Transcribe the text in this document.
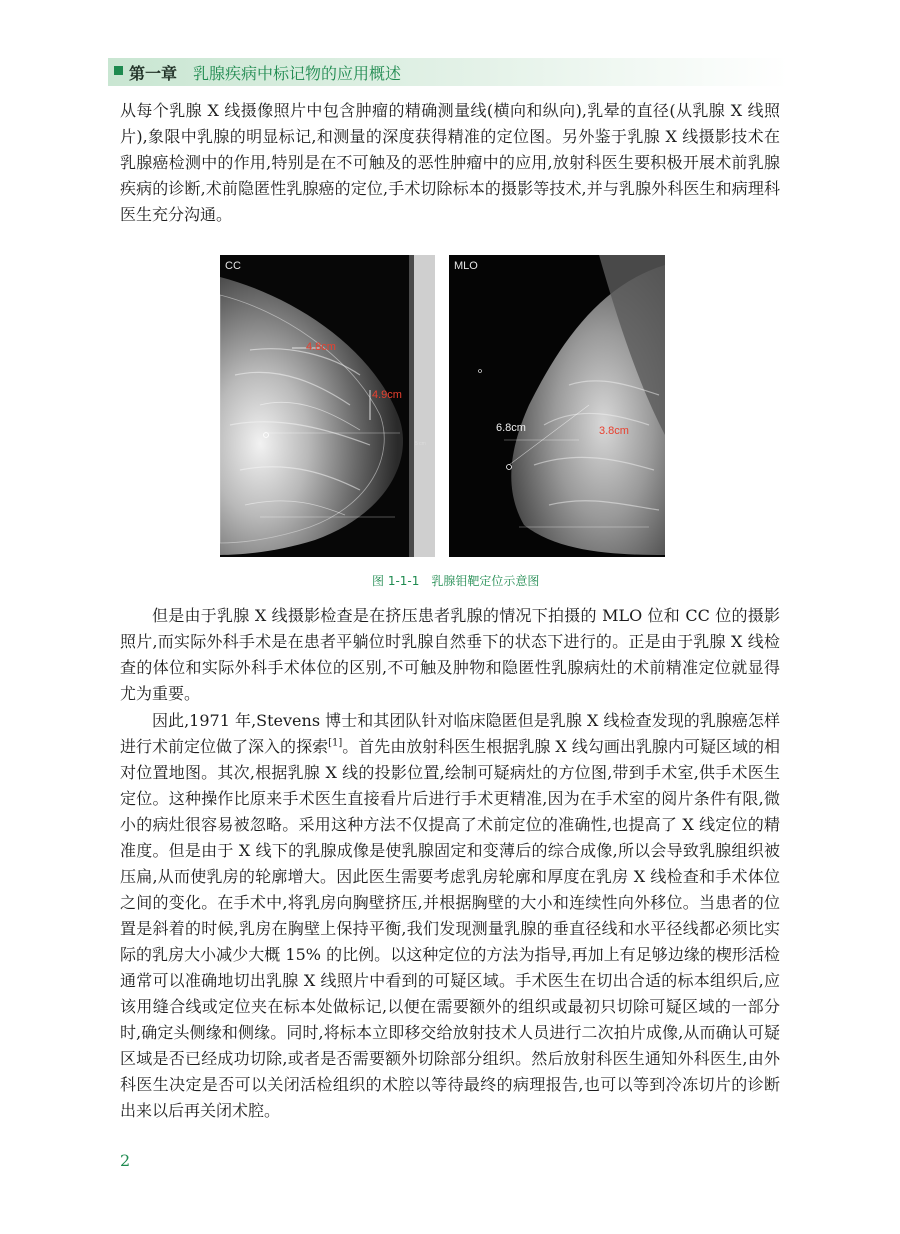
第一章 乳腺疾病中标记物的应用概述

从每个乳腺 X 线摄像照片中包含肿瘤的精确测量线(横向和纵向),乳晕的直径(从乳腺 X 线照片),象限中乳腺的明显标记,和测量的深度获得精准的定位图。另外鉴于乳腺 X 线摄影技术在乳腺癌检测中的作用,特别是在不可触及的恶性肿瘤中的应用,放射科医生要积极开展术前乳腺疾病的诊断,术前隐匿性乳腺癌的定位,手术切除标本的摄影等技术,并与乳腺外科医生和病理科医生充分沟通。

CC
4.8cm
4.9cm
5 cm
MLO
6.8cm	3.8cm
图 1-1-1　乳腺钼靶定位示意图

但是由于乳腺 X 线摄影检查是在挤压患者乳腺的情况下拍摄的 MLO 位和 CC 位的摄影照片,而实际外科手术是在患者平躺位时乳腺自然垂下的状态下进行的。正是由于乳腺 X 线检查的体位和实际外科手术体位的区别,不可触及肿物和隐匿性乳腺病灶的术前精准定位就显得尤为重要。

因此,1971 年,Stevens 博士和其团队针对临床隐匿但是乳腺 X 线检查发现的乳腺癌怎样进行术前定位做了深入的探索[1]。首先由放射科医生根据乳腺 X 线勾画出乳腺内可疑区域的相对位置地图。其次,根据乳腺 X 线的投影位置,绘制可疑病灶的方位图,带到手术室,供手术医生定位。这种操作比原来手术医生直接看片后进行手术更精准,因为在手术室的阅片条件有限,微小的病灶很容易被忽略。采用这种方法不仅提高了术前定位的准确性,也提高了 X 线定位的精准度。但是由于 X 线下的乳腺成像是使乳腺固定和变薄后的综合成像,所以会导致乳腺组织被压扁,从而使乳房的轮廓增大。因此医生需要考虑乳房轮廓和厚度在乳房 X 线检查和手术体位之间的变化。在手术中,将乳房向胸壁挤压,并根据胸壁的大小和连续性向外移位。当患者的位置是斜着的时候,乳房在胸壁上保持平衡,我们发现测量乳腺的垂直径线和水平径线都必须比实际的乳房大小减少大概 15% 的比例。以这种定位的方法为指导,再加上有足够边缘的楔形活检通常可以准确地切出乳腺 X 线照片中看到的可疑区域。手术医生在切出合适的标本组织后,应该用缝合线或定位夹在标本处做标记,以便在需要额外的组织或最初只切除可疑区域的一部分时,确定头侧缘和侧缘。同时,将标本立即移交给放射技术人员进行二次拍片成像,从而确认可疑区域是否已经成功切除,或者是否需要额外切除部分组织。然后放射科医生通知外科医生,由外科医生决定是否可以关闭活检组织的术腔以等待最终的病理报告,也可以等到冷冻切片的诊断出来以后再关闭术腔。

2
